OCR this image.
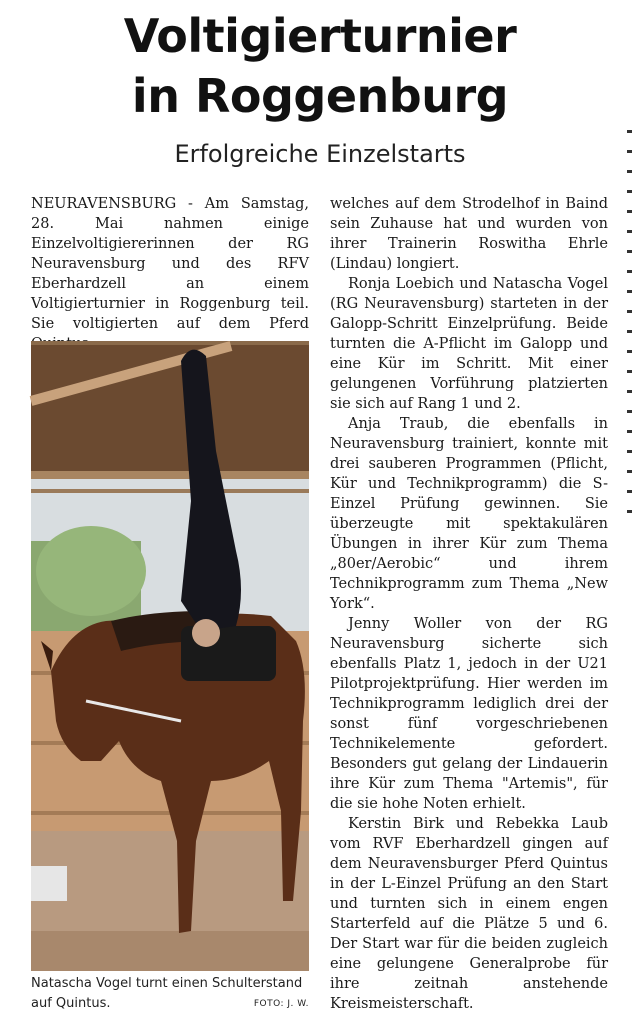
Voltigierturnier
in Roggenburg
Erfolgreiche Einzelstarts

NEURAVENSBURG - Am Samstag, 28. Mai nahmen einige Einzelvoltigiererinnen der RG Neuravensburg und des RFV Eberhardzell an einem Voltigierturnier in Roggenburg teil. Sie voltigierten auf dem Pferd

Natascha Vogel turnt einen Schulterstand auf Quintus.	FOTO: J. W.

welches auf dem Strodelhof in Baind sein Zuhause hat und wurden von ihrer Trainerin Roswitha Ehrle (Lindau) longiert.

Ronja Loebich und Natascha Vogel (RG Neuravensburg) starteten in der Galopp-Schritt Einzelprüfung. Beide turnten die A-Pflicht im Galopp und eine Kür im Schritt. Mit einer gelungenen Vorführung platzierten sie sich auf Rang 1 und 2.

Anja Traub, die ebenfalls in Neuravensburg trainiert, konnte mit drei sauberen Programmen (Pflicht, Kür und Technikprogramm) die S-Einzel Prüfung gewinnen. Sie überzeugte mit spektakulären Übungen in ihrer Kür zum Thema „80er/Aerobic“ und ihrem Technikprogramm zum Thema „New York“.

Jenny Woller von der RG Neuravensburg sicherte sich ebenfalls Platz 1, jedoch in der U21 Pilotprojektprüfung. Hier werden im Technikprogramm lediglich drei der sonst fünf vorgeschriebenen Technikelemente gefordert. Besonders gut gelang der Lindauerin ihre Kür zum Thema "Artemis", für die sie hohe Noten erhielt.

Kerstin Birk und Rebekka Laub vom RVF Eberhardzell gingen auf dem Neuravensburger Pferd Quintus in der L-Einzel Prüfung an den Start und turnten sich in einem engen Starterfeld auf die Plätze 5 und 6. Der Start war für die beiden zugleich eine gelungene Generalprobe für ihre zeitnah anstehende Kreismeisterschaft.
